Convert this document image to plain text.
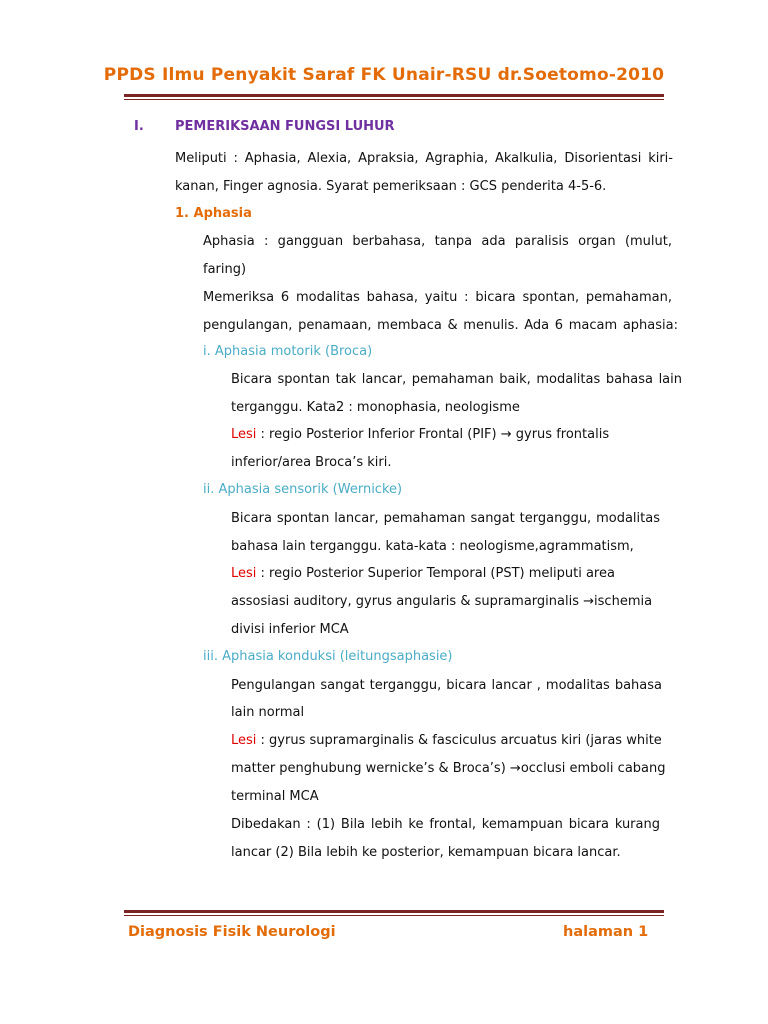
PPDS Ilmu Penyakit Saraf FK Unair-RSU dr.Soetomo-2010
I. PEMERIKSAAN FUNGSI LUHUR
Meliputi : Aphasia, Alexia, Apraksia, Agraphia, Akalkulia, Disorientasi kiri-
kanan, Finger agnosia. Syarat pemeriksaan : GCS penderita 4-5-6.
1. Aphasia
Aphasia : gangguan berbahasa, tanpa ada paralisis organ (mulut,
faring)
Memeriksa 6 modalitas bahasa, yaitu : bicara spontan, pemahaman,
pengulangan, penamaan, membaca & menulis. Ada 6 macam aphasia:
i. Aphasia motorik (Broca)
Bicara spontan tak lancar, pemahaman baik, modalitas bahasa lain
terganggu. Kata2 : monophasia, neologisme
Lesi : regio Posterior Inferior Frontal (PIF) → gyrus frontalis
inferior/area Broca’s kiri.
ii. Aphasia sensorik (Wernicke)
Bicara spontan lancar, pemahaman sangat terganggu, modalitas
bahasa lain terganggu. kata-kata : neologisme,agrammatism,
Lesi : regio Posterior Superior Temporal (PST) meliputi area
assosiasi auditory, gyrus angularis & supramarginalis →ischemia
divisi inferior MCA
iii. Aphasia konduksi (leitungsaphasie)
Pengulangan sangat terganggu, bicara lancar , modalitas bahasa
lain normal
Lesi : gyrus supramarginalis & fasciculus arcuatus kiri (jaras white
matter penghubung wernicke’s & Broca’s) →occlusi emboli cabang
terminal MCA
Dibedakan : (1) Bila lebih ke frontal, kemampuan bicara kurang
lancar (2) Bila lebih ke posterior, kemampuan bicara lancar.
Diagnosis Fisik Neurologi	halaman 1
